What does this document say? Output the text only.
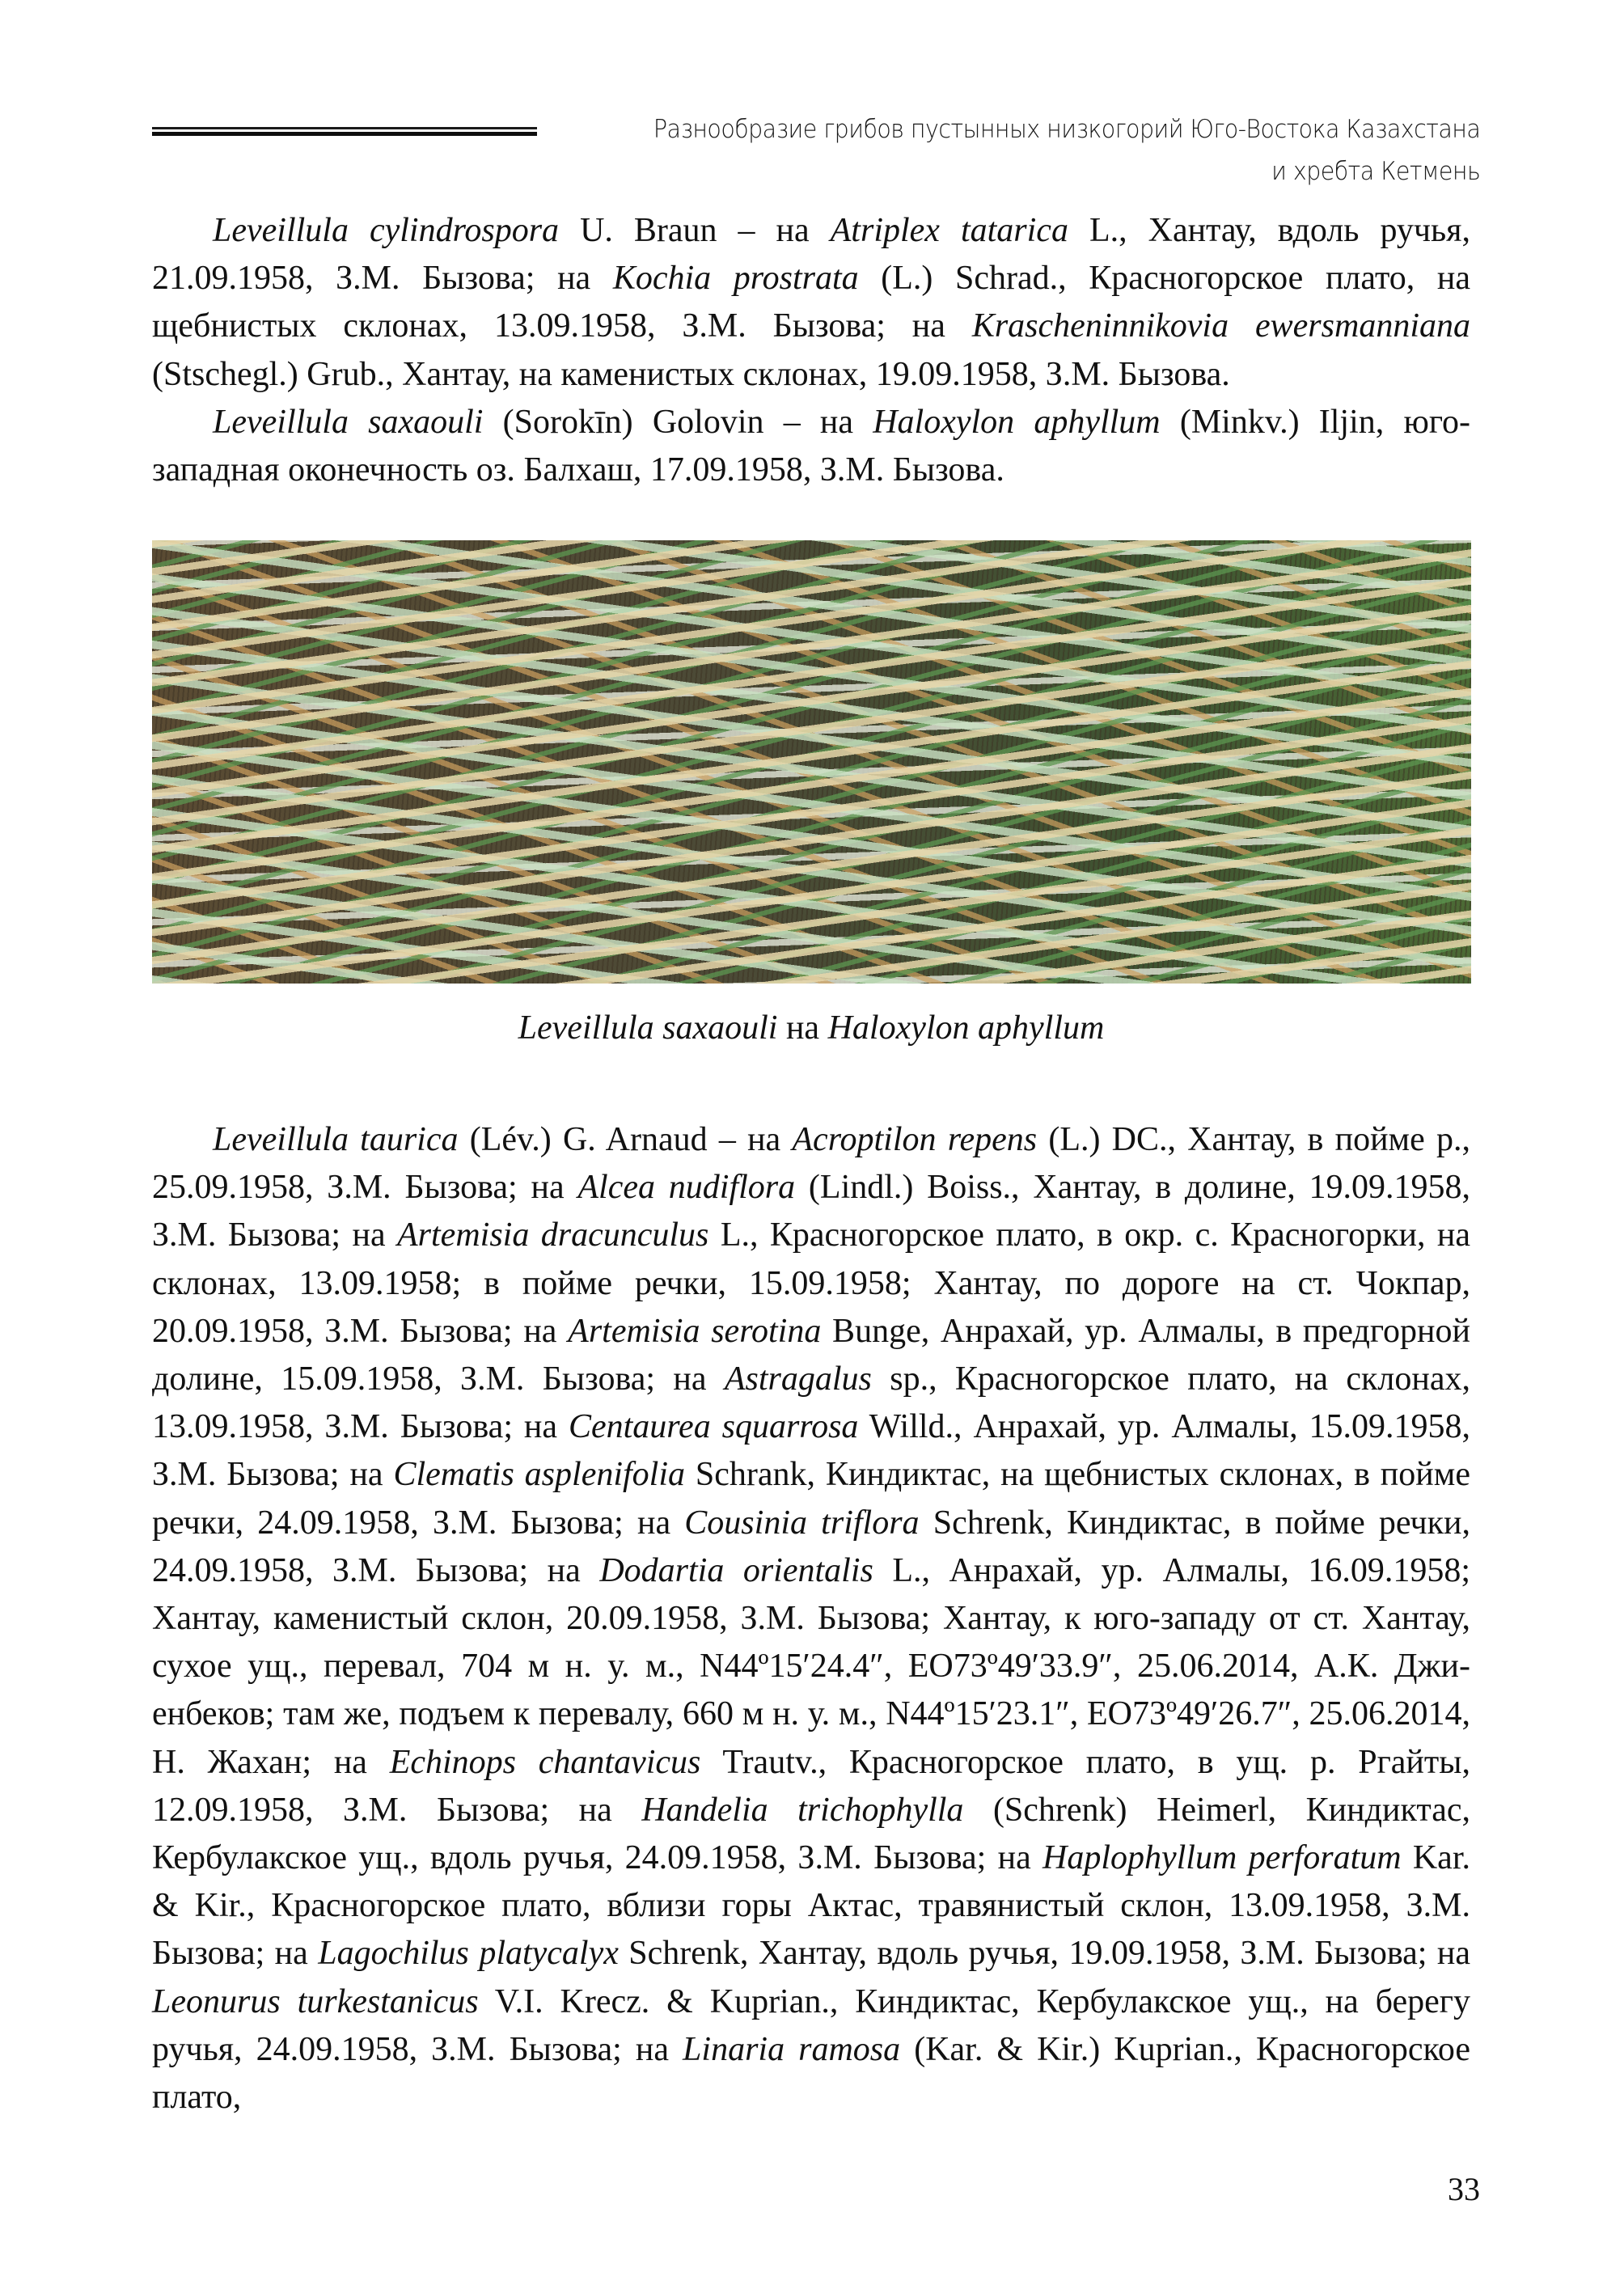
Разнообразие грибов пустынных низкогорий Юго-Востока Казахстана
и хребта Кетмень

Leveillula cylindrospora U. Braun – на Atriplex tatarica L., Хантау, вдоль ручья, 21.09.1958, З.М. Бызова; на Kochia prostrata (L.) Schrad., Красногорское плато, на щебнистых склонах, 13.09.1958, З.М. Бызова; на Krascheninnikovia ewersmanniana (Stschegl.) Grub., Хантау, на каменистых склонах, 19.09.1958, З.М. Бызова.

Leveillula saxaouli (Sorokīn) Golovin – на Haloxylon aphyllum (Minkv.) Iljin, юго-западная оконечность оз. Балхаш, 17.09.1958, З.М. Бызова.

Leveillula saxaouli на Haloxylon aphyllum

Leveillula taurica (Lév.) G. Arnaud – на Acroptilon repens (L.) DC., Хантау, в пойме р., 25.09.1958, З.М. Бызова; на Alcea nudiflora (Lindl.) Boiss., Хантау, в долине, 19.09.1958, З.М. Бызова; на Artemisia dracunculus L., Красногорское плато, в окр. с. Красногорки, на склонах, 13.09.1958; в пойме речки, 15.09.1958; Хантау, по дороге на ст. Чокпар, 20.09.1958, З.М. Бызова; на Artemisia serotina Bunge, Анрахай, ур. Алмалы, в предгорной долине, 15.09.1958, З.М. Бызова; на Astragalus sp., Красногорское плато, на склонах, 13.09.1958, З.М. Бызова; на Centaurea squarrosa Willd., Анрахай, ур. Алмалы, 15.09.1958, З.М. Бызова; на Clematis asplenifolia Schrank, Киндиктас, на щебнистых склонах, в пойме речки, 24.09.1958, З.М. Бызова; на Cousinia triflora Schrenk, Киндиктас, в пойме речки, 24.09.1958, З.М. Бызова; на Dodartia orientalis L., Анрахай, ур. Алмалы, 16.09.1958; Хантау, каменистый склон, 20.09.1958, З.М. Бызова; Хантау, к юго-западу от ст. Хантау, сухое ущ., перевал, 704 м н. у. м., N44º15′24.4″, EO73º49′33.9″, 25.06.2014, А.К. Джиенбеков; там же, подъем к перевалу, 660 м н. у. м., N44º15′23.1″, EO73º49′26.7″, 25.06.2014, Н. Жахан; на Echinops chantavicus Trautv., Красногорское плато, в ущ. р. Ргайты, 12.09.1958, З.М. Бызова; на Handelia trichophylla (Schrenk) Heimerl, Киндиктас, Кербулакское ущ., вдоль ручья, 24.09.1958, З.М. Бызова; на Haplophyllum perforatum Kar. & Kir., Красногорское плато, вблизи горы Актас, травянистый склон, 13.09.1958, З.М. Бызова; на Lagochilus platycalyx Schrenk, Хантау, вдоль ручья, 19.09.1958, З.М. Бызова; на Leonurus turkestanicus V.I. Krecz. & Kuprian., Киндиктас, Кербулакское ущ., на берегу ручья, 24.09.1958, З.М. Бызова; на Linaria ramosa (Kar. & Kir.) Kuprian., Красногорское плато,

33
